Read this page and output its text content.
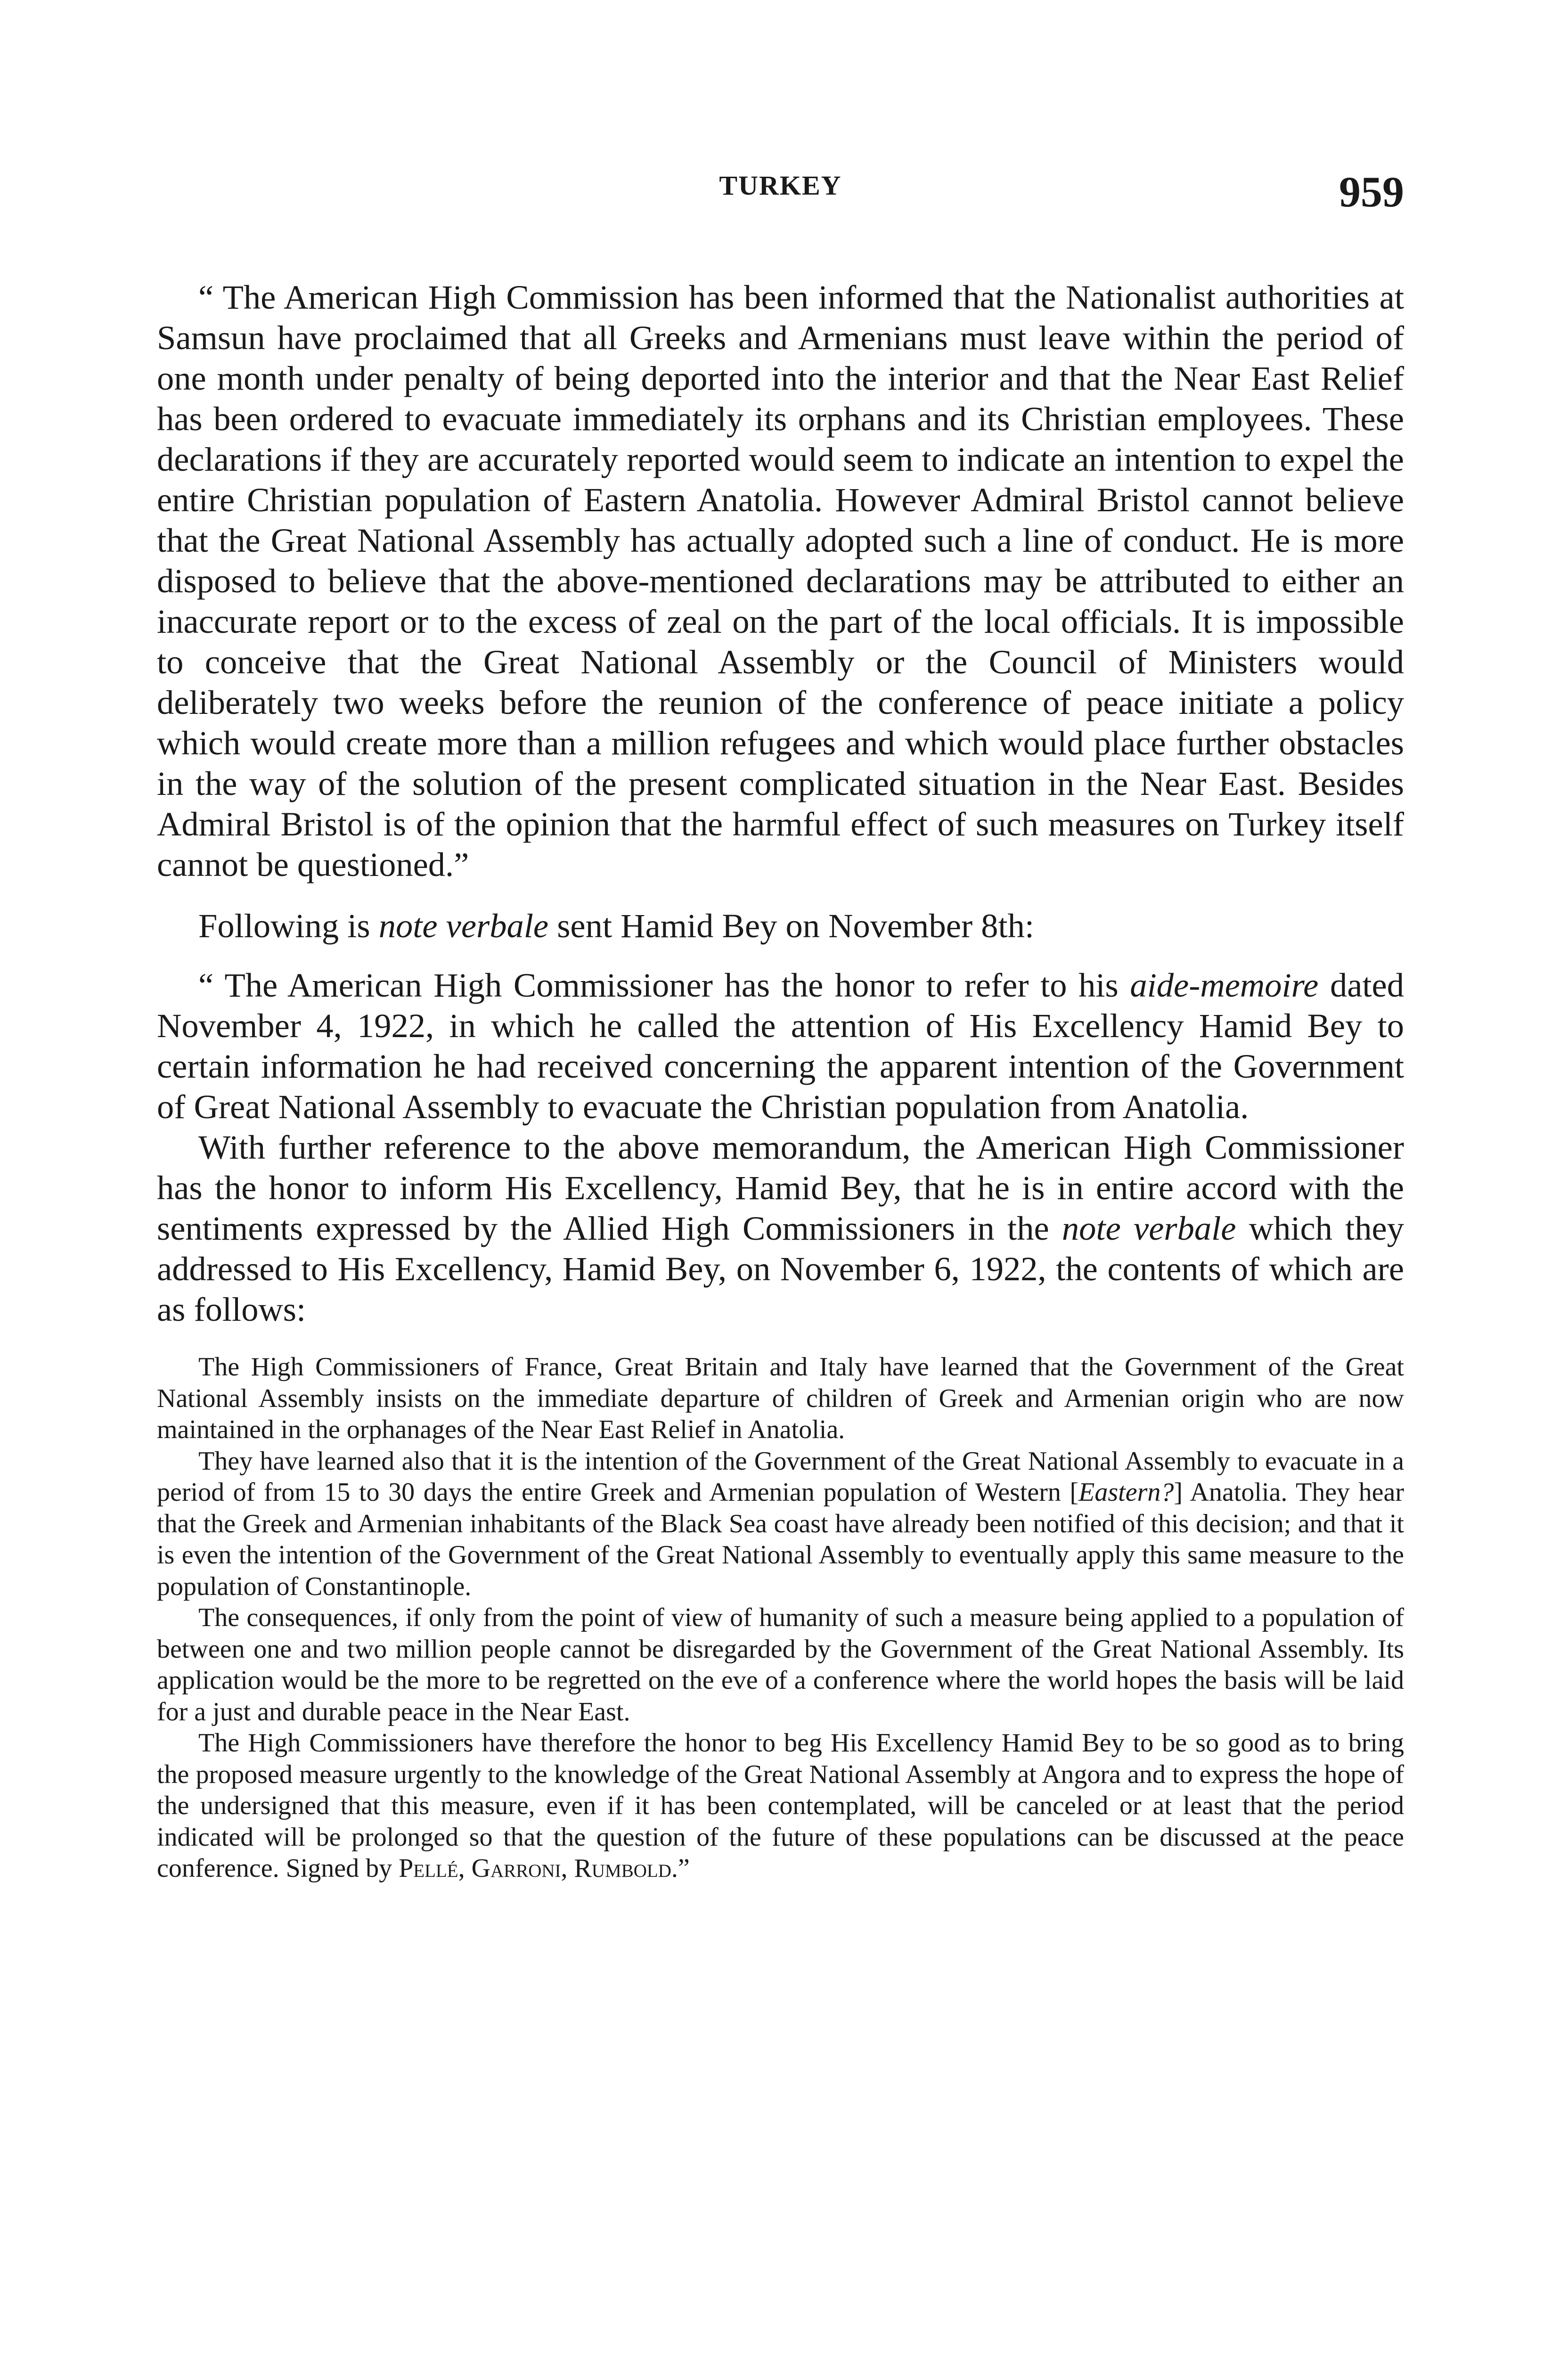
TURKEY	959

“ The American High Commission has been informed that the Nationalist authorities at Samsun have proclaimed that all Greeks and Armenians must leave within the period of one month under penalty of being deported into the interior and that the Near East Relief has been ordered to evacuate immediately its orphans and its Christian employees. These declarations if they are accurately reported would seem to indicate an intention to expel the entire Christian population of Eastern Anatolia. However Admiral Bristol cannot believe that the Great National Assembly has actually adopted such a line of conduct. He is more disposed to believe that the above-mentioned declarations may be attributed to either an inaccurate report or to the excess of zeal on the part of the local officials. It is impossible to conceive that the Great National Assembly or the Council of Ministers would deliberately two weeks before the reunion of the conference of peace initiate a policy which would create more than a million refugees and which would place further obstacles in the way of the solution of the present complicated situation in the Near East. Besides Admiral Bristol is of the opinion that the harmful effect of such measures on Turkey itself cannot be questioned.”

Following is note verbale sent Hamid Bey on November 8th:

“ The American High Commissioner has the honor to refer to his aide-memoire dated November 4, 1922, in which he called the attention of His Excellency Hamid Bey to certain information he had received concerning the apparent intention of the Government of Great National Assembly to evacuate the Christian population from Anatolia.

With further reference to the above memorandum, the American High Commissioner has the honor to inform His Excellency, Hamid Bey, that he is in entire accord with the sentiments expressed by the Allied High Commissioners in the note verbale which they addressed to His Excellency, Hamid Bey, on November 6, 1922, the contents of which are as follows:

The High Commissioners of France, Great Britain and Italy have learned that the Government of the Great National Assembly insists on the immediate departure of children of Greek and Armenian origin who are now maintained in the orphanages of the Near East Relief in Anatolia.

They have learned also that it is the intention of the Government of the Great National Assembly to evacuate in a period of from 15 to 30 days the entire Greek and Armenian population of Western [Eastern?] Anatolia. They hear that the Greek and Armenian inhabitants of the Black Sea coast have already been notified of this decision; and that it is even the intention of the Government of the Great National Assembly to eventually apply this same measure to the population of Constantinople.

The consequences, if only from the point of view of humanity of such a measure being applied to a population of between one and two million people cannot be disregarded by the Government of the Great National Assembly. Its application would be the more to be regretted on the eve of a conference where the world hopes the basis will be laid for a just and durable peace in the Near East.

The High Commissioners have therefore the honor to beg His Excellency Hamid Bey to be so good as to bring the proposed measure urgently to the knowledge of the Great National Assembly at Angora and to express the hope of the undersigned that this measure, even if it has been contemplated, will be canceled or at least that the period indicated will be prolonged so that the question of the future of these populations can be discussed at the peace conference. Signed by Pellé, Garroni, Rumbold.”
